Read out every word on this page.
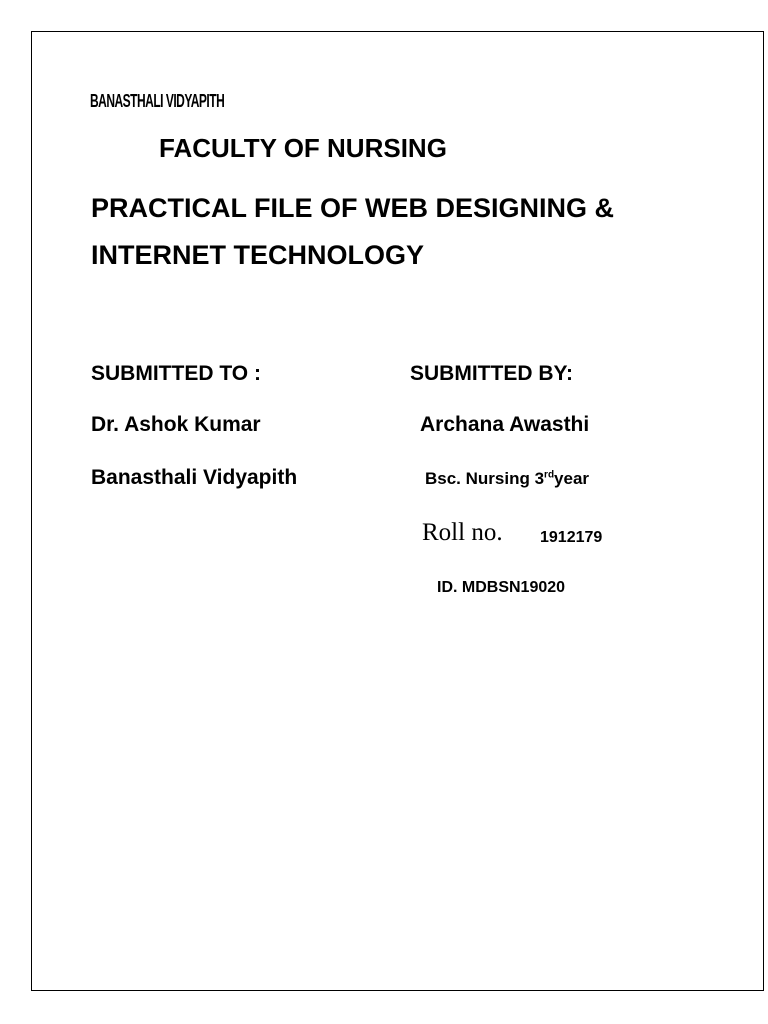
BANASTHALI VIDYAPITH
FACULTY OF NURSING
PRACTICAL FILE OF WEB DESIGNING &
INTERNET TECHNOLOGY
SUBMITTED TO :	SUBMITTED BY:
Dr. Ashok Kumar	Archana Awasthi
Banasthali Vidyapith	Bsc. Nursing 3rdyear
Roll no. 1912179
ID. MDBSN19020
